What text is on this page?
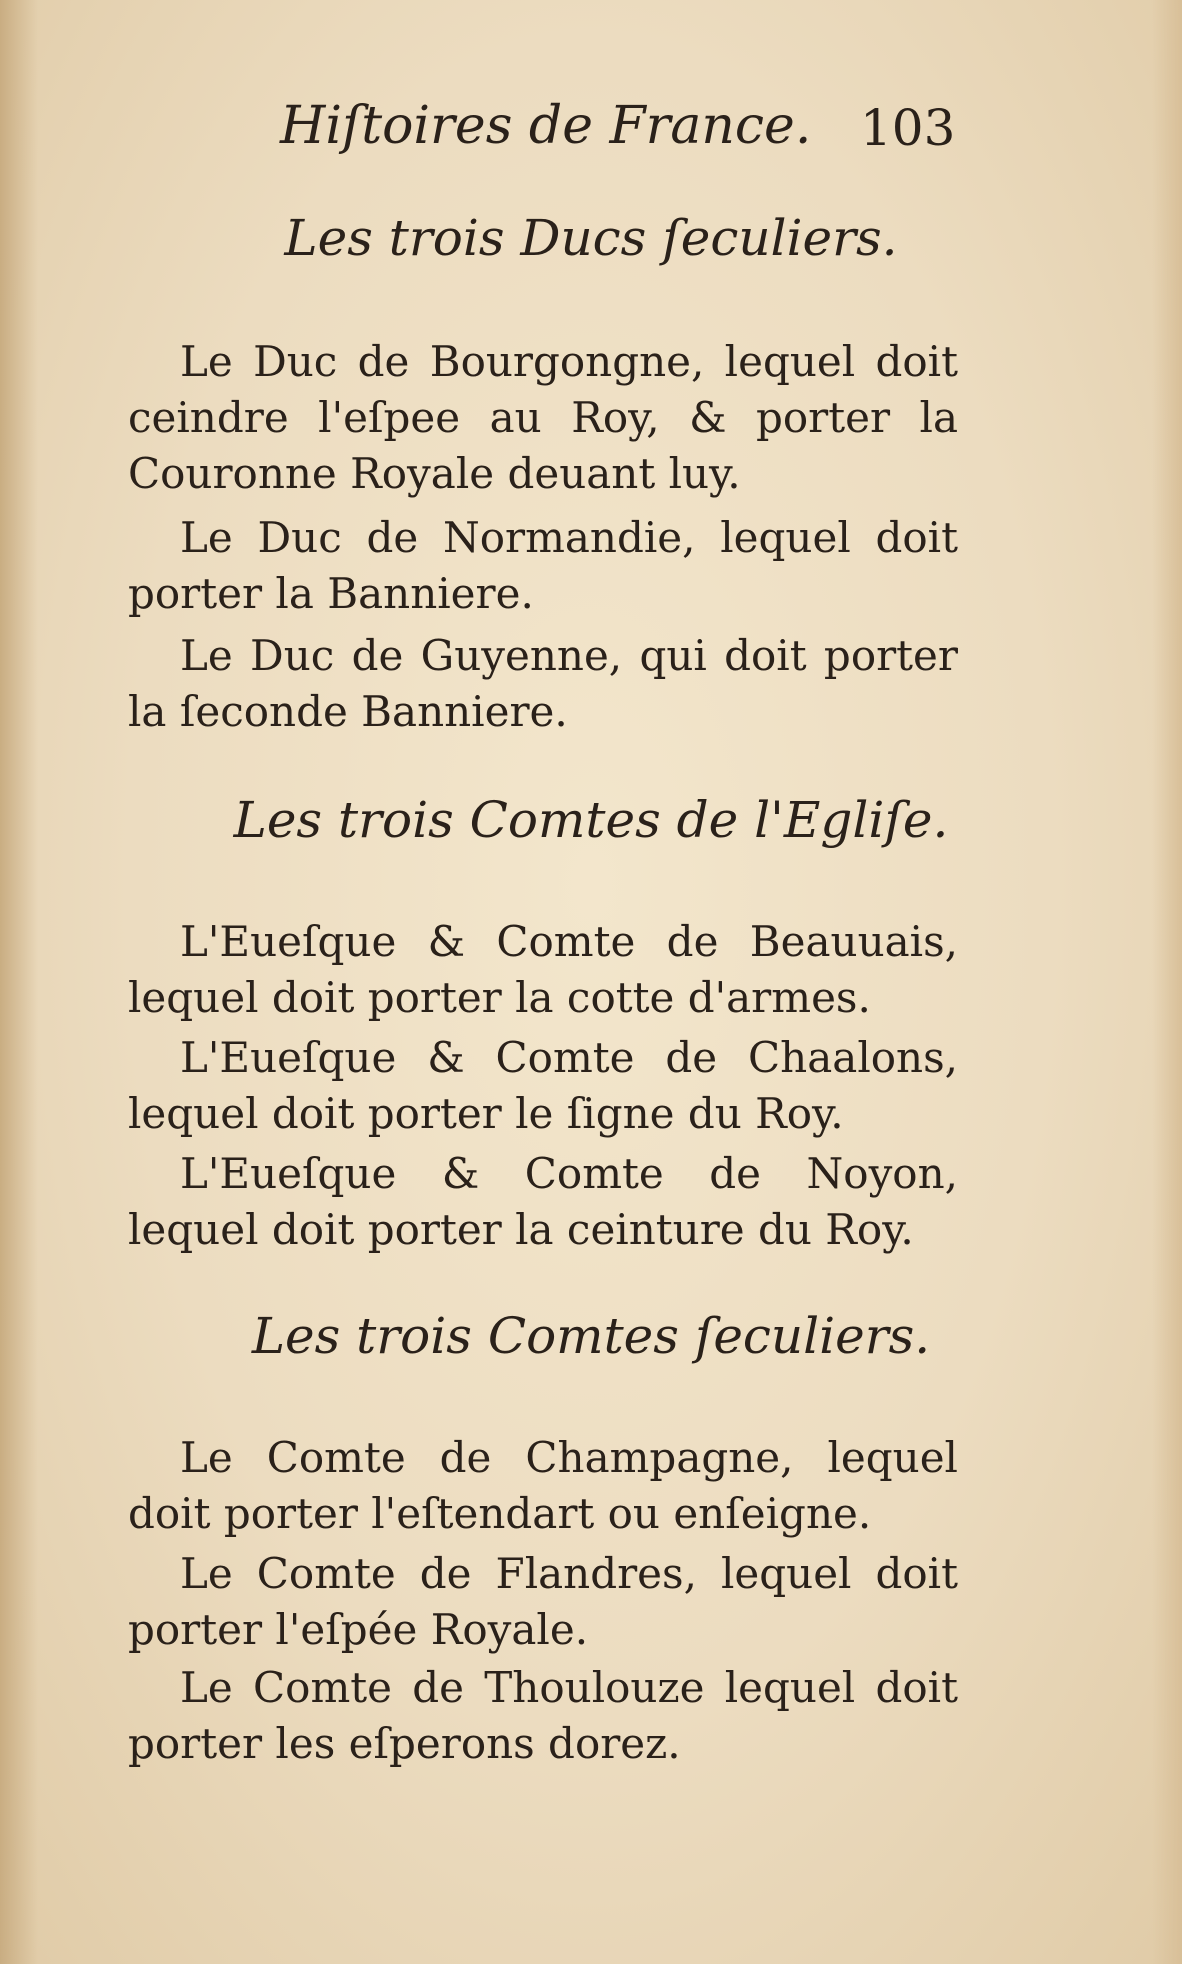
Hiſtoires de France. 103
Les trois Ducs ſeculiers.

Le Duc de Bourgongne, lequel doit ceindre l'eſpee au Roy, & porter la Couronne Royale deuant luy.

Le Duc de Normandie, lequel doit porter la Banniere.

Le Duc de Guyenne, qui doit porter la ſeconde Banniere.

Les trois Comtes de l'Egliſe.

L'Eueſque & Comte de Beauuais, lequel doit porter la cotte d'armes.

L'Eueſque & Comte de Chaalons, lequel doit porter le ſigne du Roy.

L'Eueſque & Comte de Noyon, lequel doit porter la ceinture du Roy.

Les trois Comtes ſeculiers.

Le Comte de Champagne, lequel doit porter l'eſtendart ou enſeigne.

Le Comte de Flandres, lequel doit porter l'eſpée Royale.

Le Comte de Thoulouze lequel doit porter les eſperons dorez.
